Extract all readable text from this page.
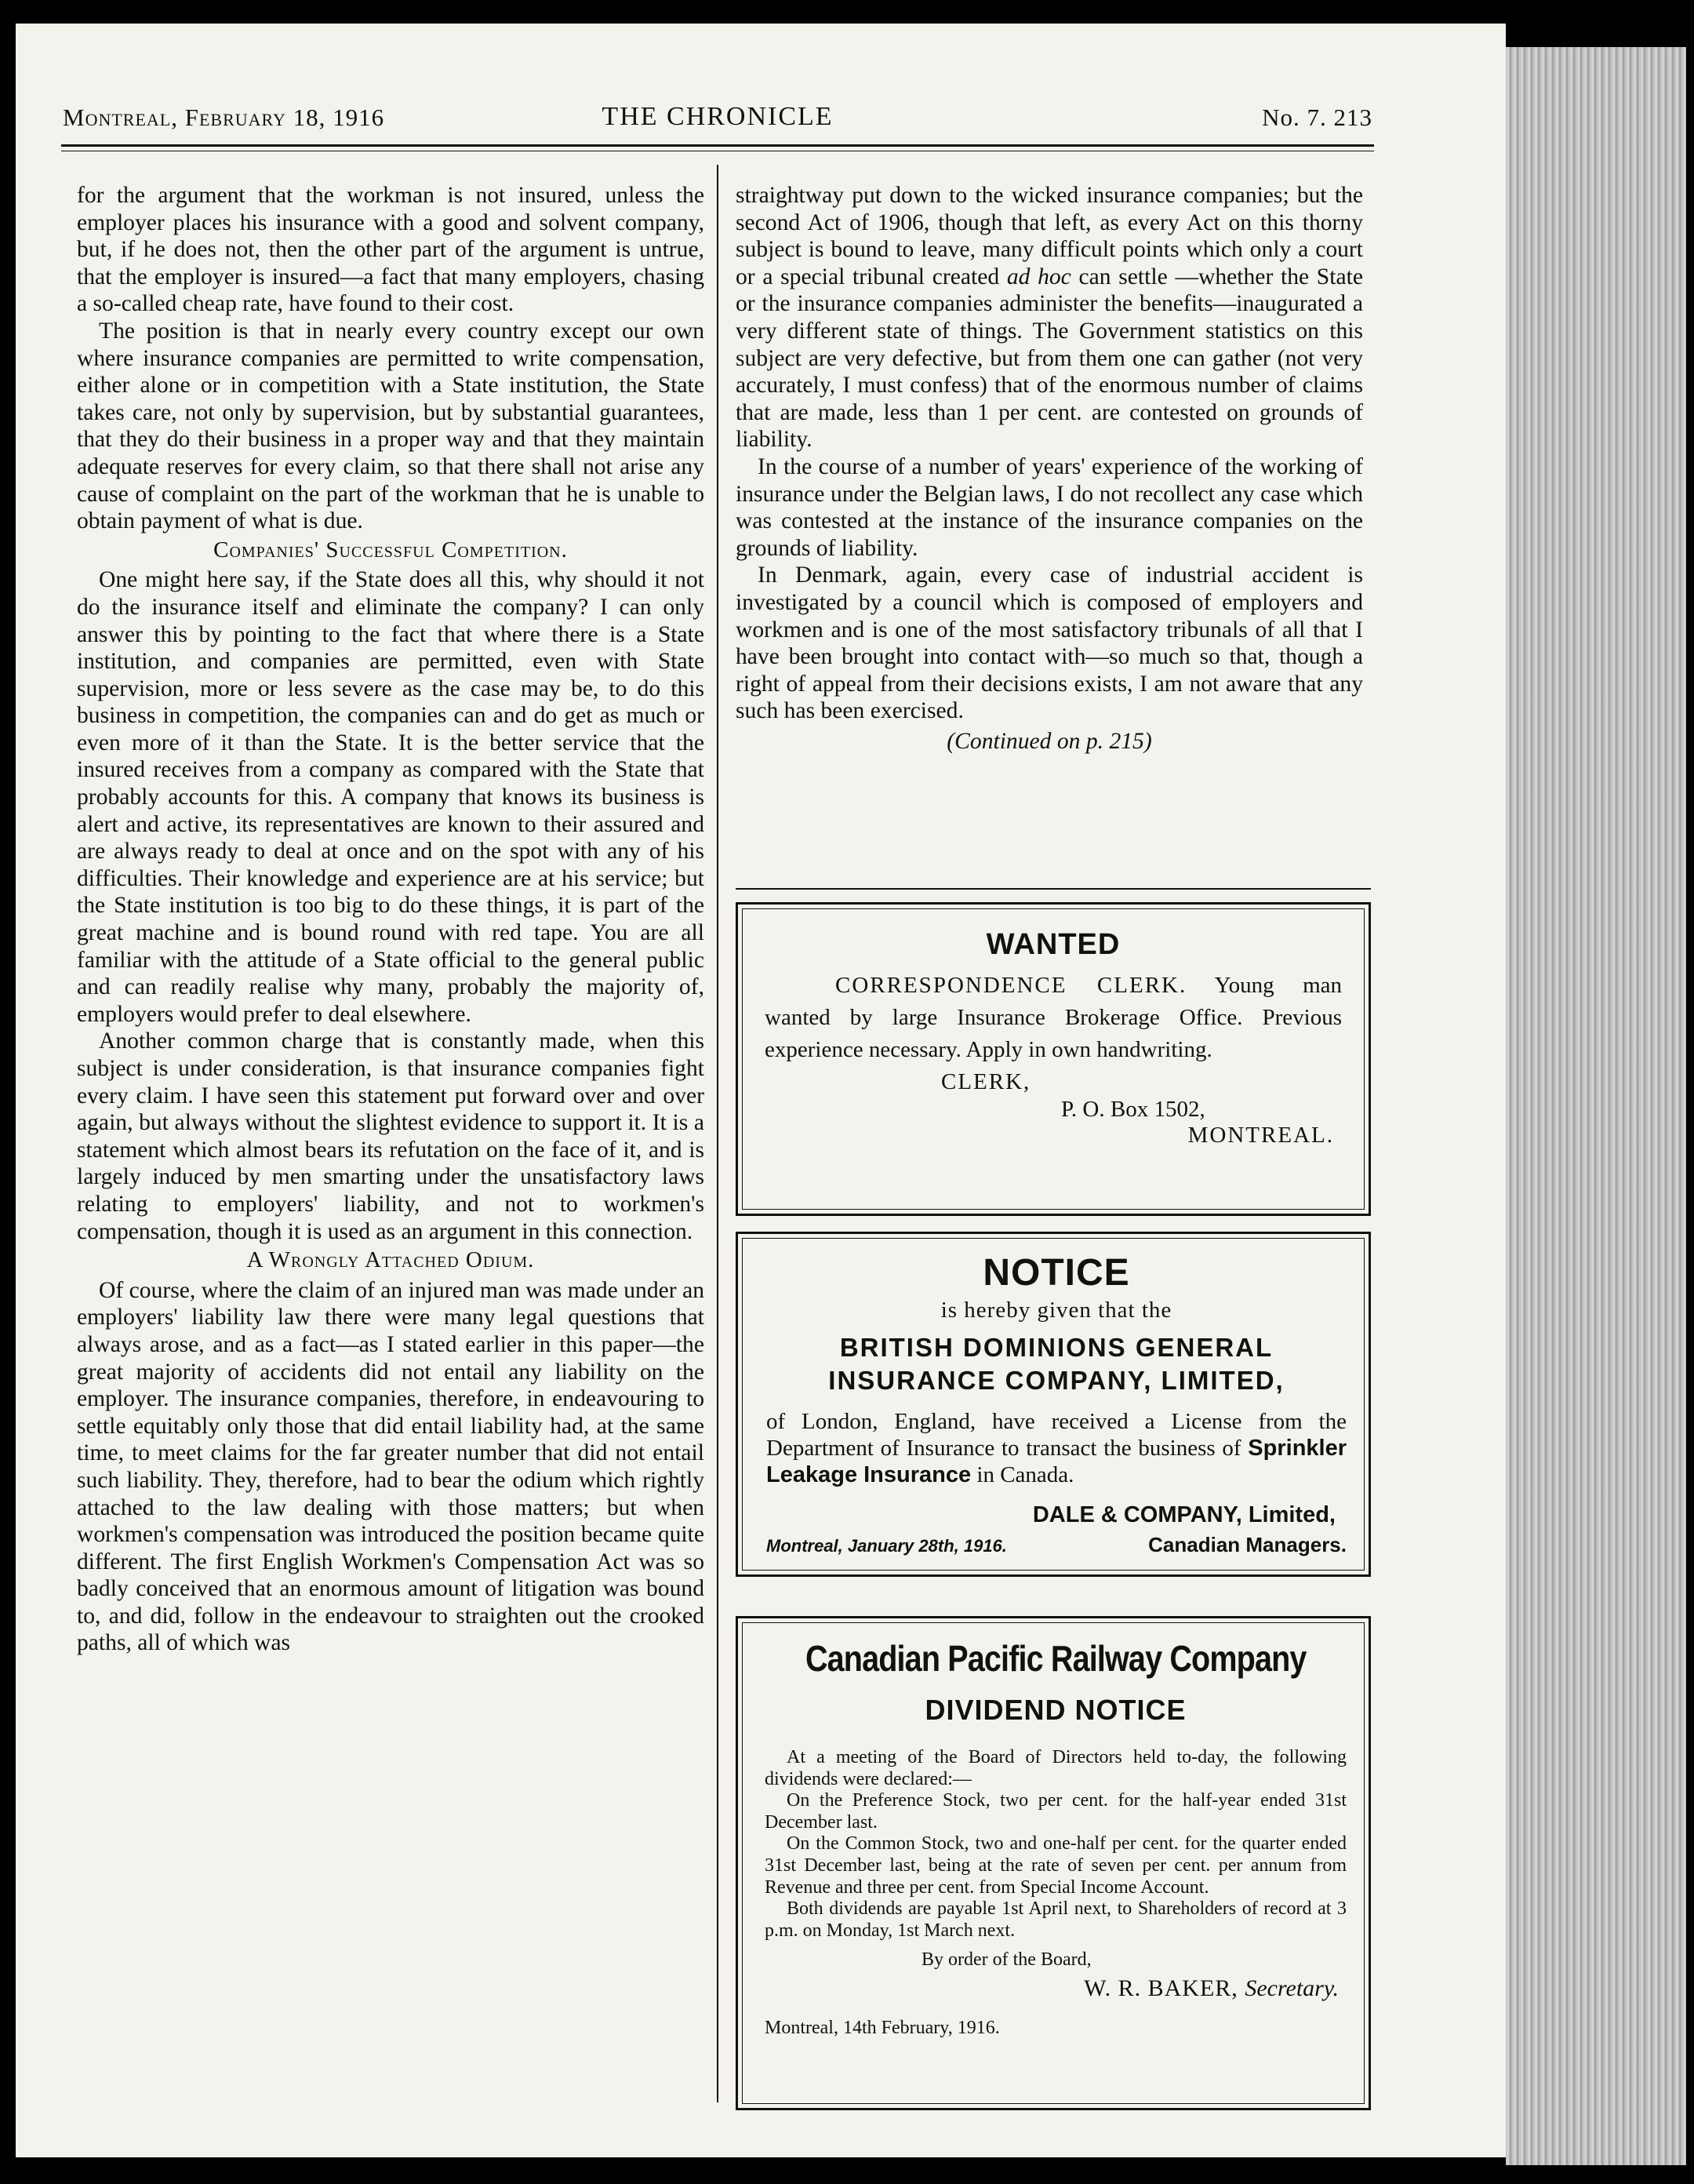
Montreal, February 18, 1916	THE CHRONICLE	No. 7. 213

for the argument that the workman is not insured, unless the employer places his insurance with a good and solvent company, but, if he does not, then the other part of the argument is untrue, that the employer is insured—a fact that many employers, chasing a so-called cheap rate, have found to their cost.

The position is that in nearly every country except our own where insurance companies are permitted to write compensation, either alone or in competition with a State institution, the State takes care, not only by supervision, but by substantial guarantees, that they do their business in a proper way and that they maintain adequate reserves for every claim, so that there shall not arise any cause of complaint on the part of the workman that he is unable to obtain payment of what is due.

Companies' Successful Competition.

One might here say, if the State does all this, why should it not do the insurance itself and eliminate the company? I can only answer this by pointing to the fact that where there is a State institution, and companies are permitted, even with State supervision, more or less severe as the case may be, to do this business in competition, the companies can and do get as much or even more of it than the State. It is the better service that the insured receives from a company as compared with the State that probably accounts for this. A company that knows its business is alert and active, its representatives are known to their assured and are always ready to deal at once and on the spot with any of his difficulties. Their knowledge and experience are at his service; but the State institution is too big to do these things, it is part of the great machine and is bound round with red tape. You are all familiar with the attitude of a State official to the general public and can readily realise why many, probably the majority of, employers would prefer to deal elsewhere.

Another common charge that is constantly made, when this subject is under consideration, is that insurance companies fight every claim. I have seen this statement put forward over and over again, but always without the slightest evidence to support it. It is a statement which almost bears its refutation on the face of it, and is largely induced by men smarting under the unsatisfactory laws relating to employers' liability, and not to workmen's compensation, though it is used as an argument in this connection.

A Wrongly Attached Odium.

Of course, where the claim of an injured man was made under an employers' liability law there were many legal questions that always arose, and as a fact—as I stated earlier in this paper—the great majority of accidents did not entail any liability on the employer. The insurance companies, therefore, in endeavouring to settle equitably only those that did entail liability had, at the same time, to meet claims for the far greater number that did not entail such liability. They, therefore, had to bear the odium which rightly attached to the law dealing with those matters; but when workmen's compensation was introduced the position became quite different. The first English Workmen's Compensation Act was so badly conceived that an enormous amount of litigation was bound to, and did, follow in the endeavour to straighten out the crooked paths, all of which was

straightway put down to the wicked insurance companies; but the second Act of 1906, though that left, as every Act on this thorny subject is bound to leave, many difficult points which only a court or a special tribunal created ad hoc can settle —whether the State or the insurance companies administer the benefits—inaugurated a very different state of things. The Government statistics on this subject are very defective, but from them one can gather (not very accurately, I must confess) that of the enormous number of claims that are made, less than 1 per cent. are contested on grounds of liability.

In the course of a number of years' experience of the working of insurance under the Belgian laws, I do not recollect any case which was contested at the instance of the insurance companies on the grounds of liability.

In Denmark, again, every case of industrial accident is investigated by a council which is composed of employers and workmen and is one of the most satisfactory tribunals of all that I have been brought into contact with—so much so that, though a right of appeal from their decisions exists, I am not aware that any such has been exercised.

(Continued on p. 215)
WANTED
CORRESPONDENCE CLERK. Young man wanted by large Insurance Brokerage Office. Previous experience necessary. Apply in own handwriting.
CLERK,
P. O. Box 1502,
MONTREAL.
NOTICE
is hereby given that the
BRITISH DOMINIONS GENERAL INSURANCE COMPANY, LIMITED,
of London, England, have received a License from the Department of Insurance to transact the business of Sprinkler Leakage Insurance in Canada.
DALE & COMPANY, Limited,
Montreal, January 28th, 1916.	Canadian Managers.
Canadian Pacific Railway Company
DIVIDEND NOTICE

At a meeting of the Board of Directors held to-day, the following dividends were declared:—

On the Preference Stock, two per cent. for the half-year ended 31st December last.

On the Common Stock, two and one-half per cent. for the quarter ended 31st December last, being at the rate of seven per cent. per annum from Revenue and three per cent. from Special Income Account.

Both dividends are payable 1st April next, to Shareholders of record at 3 p.m. on Monday, 1st March next.

By order of the Board,
W. R. BAKER, Secretary.
Montreal, 14th February, 1916.
